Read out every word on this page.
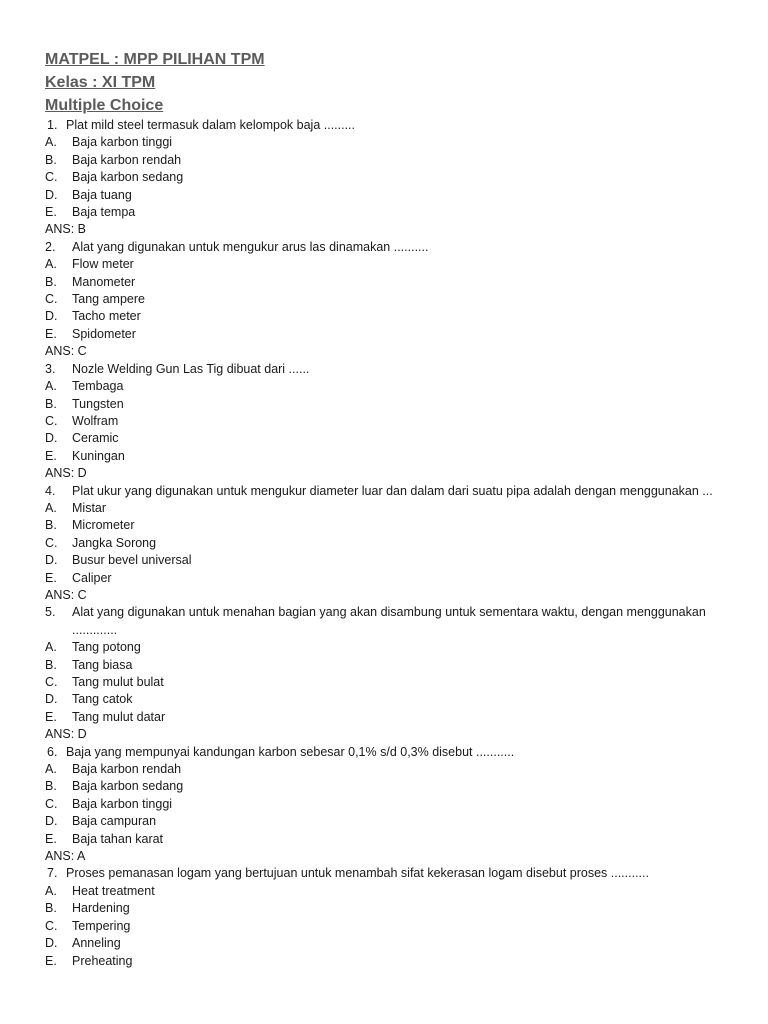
MATPEL : MPP PILIHAN TPM
Kelas : XI TPM
Multiple Choice
1. Plat mild steel termasuk dalam kelompok baja .........
A. Baja karbon tinggi
B. Baja karbon rendah
C. Baja karbon sedang
D. Baja tuang
E. Baja tempa
ANS: B
2. Alat yang digunakan untuk mengukur arus las dinamakan ..........
A. Flow meter
B. Manometer
C. Tang ampere
D. Tacho meter
E. Spidometer
ANS: C
3. Nozle Welding Gun Las Tig dibuat dari ......
A. Tembaga
B. Tungsten
C. Wolfram
D. Ceramic
E. Kuningan
ANS: D
4. Plat ukur yang digunakan untuk mengukur diameter luar dan dalam dari suatu pipa adalah dengan menggunakan ...
A. Mistar
B. Micrometer
C. Jangka Sorong
D. Busur bevel universal
E. Caliper
ANS: C
5. Alat yang digunakan untuk menahan bagian yang akan disambung untuk sementara waktu, dengan menggunakan .............
A. Tang potong
B. Tang biasa
C. Tang mulut bulat
D. Tang catok
E. Tang mulut datar
ANS: D
6. Baja yang mempunyai kandungan karbon sebesar 0,1% s/d 0,3% disebut ...........
A. Baja karbon rendah
B. Baja karbon sedang
C. Baja karbon tinggi
D. Baja campuran
E. Baja tahan karat
ANS: A
7. Proses pemanasan logam yang bertujuan untuk menambah sifat kekerasan logam disebut proses ...........
A. Heat treatment
B. Hardening
C. Tempering
D. Anneling
E. Preheating
